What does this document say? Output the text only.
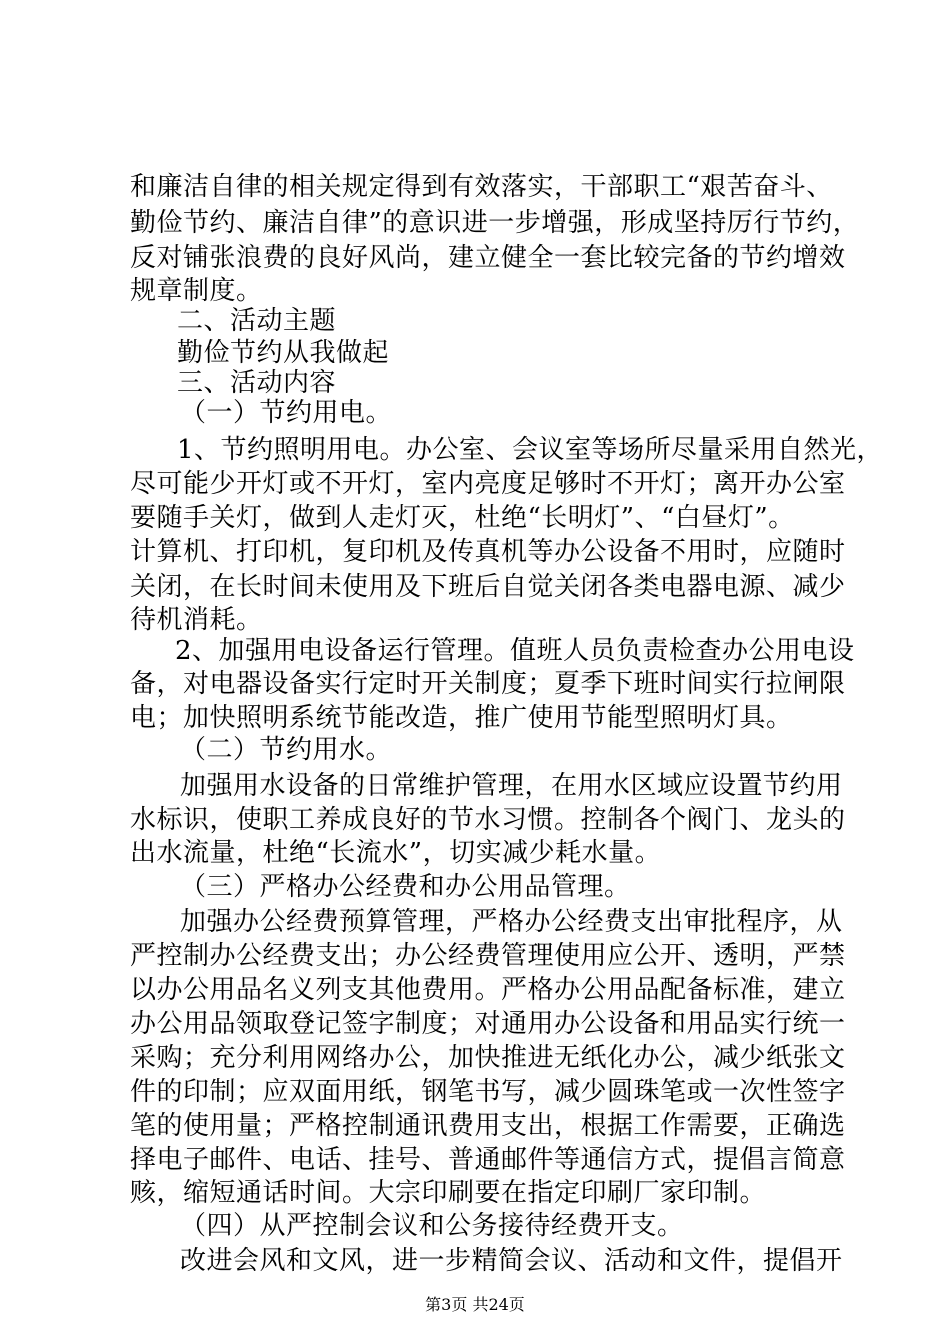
和廉洁自律的相关规定得到有效落实，干部职工“艰苦奋斗、
勤俭节约、廉洁自律”的意识进一步增强，形成坚持厉行节约，
反对铺张浪费的良好风尚，建立健全一套比较完备的节约增效
规章制度。
二、活动主题
勤俭节约从我做起
三、活动内容
（一）节约用电。
1、节约照明用电。办公室、会议室等场所尽量采用自然光，
尽可能少开灯或不开灯，室内亮度足够时不开灯；离开办公室
要随手关灯，做到人走灯灭，杜绝“长明灯”、“白昼灯”。
计算机、打印机，复印机及传真机等办公设备不用时，应随时
关闭，在长时间未使用及下班后自觉关闭各类电器电源、减少
待机消耗。
2、加强用电设备运行管理。值班人员负责检查办公用电设
备，对电器设备实行定时开关制度；夏季下班时间实行拉闸限
电；加快照明系统节能改造，推广使用节能型照明灯具。
（二）节约用水。
加强用水设备的日常维护管理，在用水区域应设置节约用
水标识，使职工养成良好的节水习惯。控制各个阀门、龙头的
出水流量，杜绝“长流水”，切实减少耗水量。
（三）严格办公经费和办公用品管理。
加强办公经费预算管理，严格办公经费支出审批程序，从
严控制办公经费支出；办公经费管理使用应公开、透明，严禁
以办公用品名义列支其他费用。严格办公用品配备标准，建立
办公用品领取登记签字制度；对通用办公设备和用品实行统一
采购；充分利用网络办公，加快推进无纸化办公，减少纸张文
件的印制；应双面用纸，钢笔书写，减少圆珠笔或一次性签字
笔的使用量；严格控制通讯费用支出，根据工作需要，正确选
择电子邮件、电话、挂号、普通邮件等通信方式，提倡言简意
赅，缩短通话时间。大宗印刷要在指定印刷厂家印制。
（四）从严控制会议和公务接待经费开支。
改进会风和文风，进一步精简会议、活动和文件，提倡开
第3页 共24页
